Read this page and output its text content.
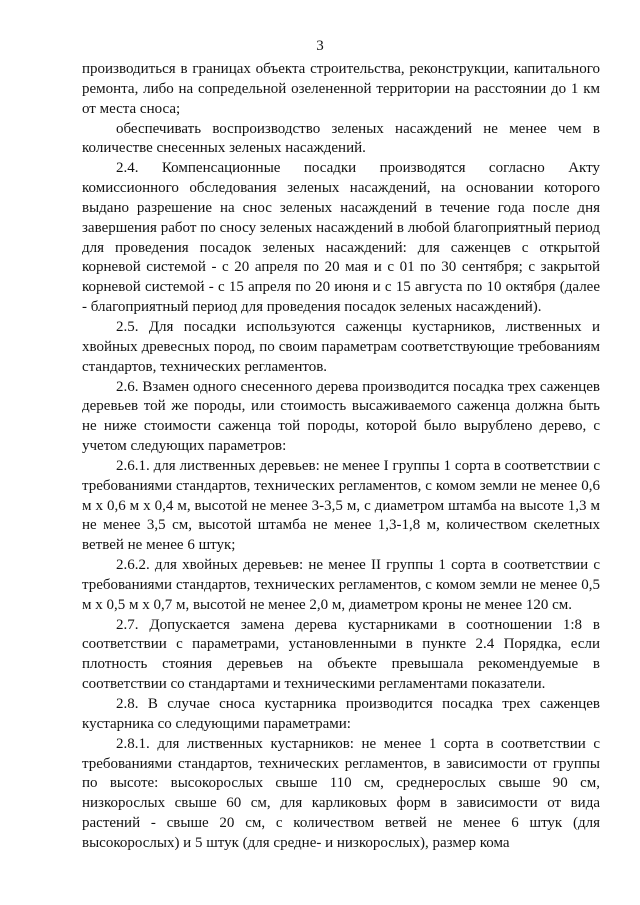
3

производиться в границах объекта строительства, реконструкции, капитального ремонта, либо на сопредельной озелененной территории на расстоянии до 1 км от места сноса;

обеспечивать воспроизводство зеленых насаждений не менее чем в количестве снесенных зеленых насаждений.

2.4. Компенсационные посадки производятся согласно Акту комиссионного обследования зеленых насаждений, на основании которого выдано разрешение на снос зеленых насаждений в течение года после дня завершения работ по сносу зеленых насаждений в любой благоприятный период для проведения посадок зеленых насаждений: для саженцев с открытой корневой системой - с 20 апреля по 20 мая и с 01 по 30 сентября; с закрытой корневой системой - с 15 апреля по 20 июня и с 15 августа по 10 октября (далее - благоприятный период для проведения посадок зеленых насаждений).

2.5. Для посадки используются саженцы кустарников, лиственных и хвойных древесных пород, по своим параметрам соответствующие требованиям стандартов, технических регламентов.

2.6. Взамен одного снесенного дерева производится посадка трех саженцев деревьев той же породы, или стоимость высаживаемого саженца должна быть не ниже стоимости саженца той породы, которой было вырублено дерево, с учетом следующих параметров:

2.6.1. для лиственных деревьев: не менее I группы 1 сорта в соответствии с требованиями стандартов, технических регламентов, с комом земли не менее 0,6 м х 0,6 м х 0,4 м, высотой не менее 3-3,5 м, с диаметром штамба на высоте 1,3 м не менее 3,5 см, высотой штамба не менее 1,3-1,8 м, количеством скелетных ветвей не менее 6 штук;

2.6.2. для хвойных деревьев: не менее II группы 1 сорта в соответствии с требованиями стандартов, технических регламентов, с комом земли не менее 0,5 м х 0,5 м х 0,7 м, высотой не менее 2,0 м, диаметром кроны не менее 120 см.

2.7. Допускается замена дерева кустарниками в соотношении 1:8 в соответствии с параметрами, установленными в пункте 2.4 Порядка, если плотность стояния деревьев на объекте превышала рекомендуемые в соответствии со стандартами и техническими регламентами показатели.

2.8. В случае сноса кустарника производится посадка трех саженцев кустарника со следующими параметрами:

2.8.1. для лиственных кустарников: не менее 1 сорта в соответствии с требованиями стандартов, технических регламентов, в зависимости от группы по высоте: высокорослых свыше 110 см, среднерослых свыше 90 см, низкорослых свыше 60 см, для карликовых форм в зависимости от вида растений - свыше 20 см, с количеством ветвей не менее 6 штук (для высокорослых) и 5 штук (для средне- и низкорослых), размер кома
